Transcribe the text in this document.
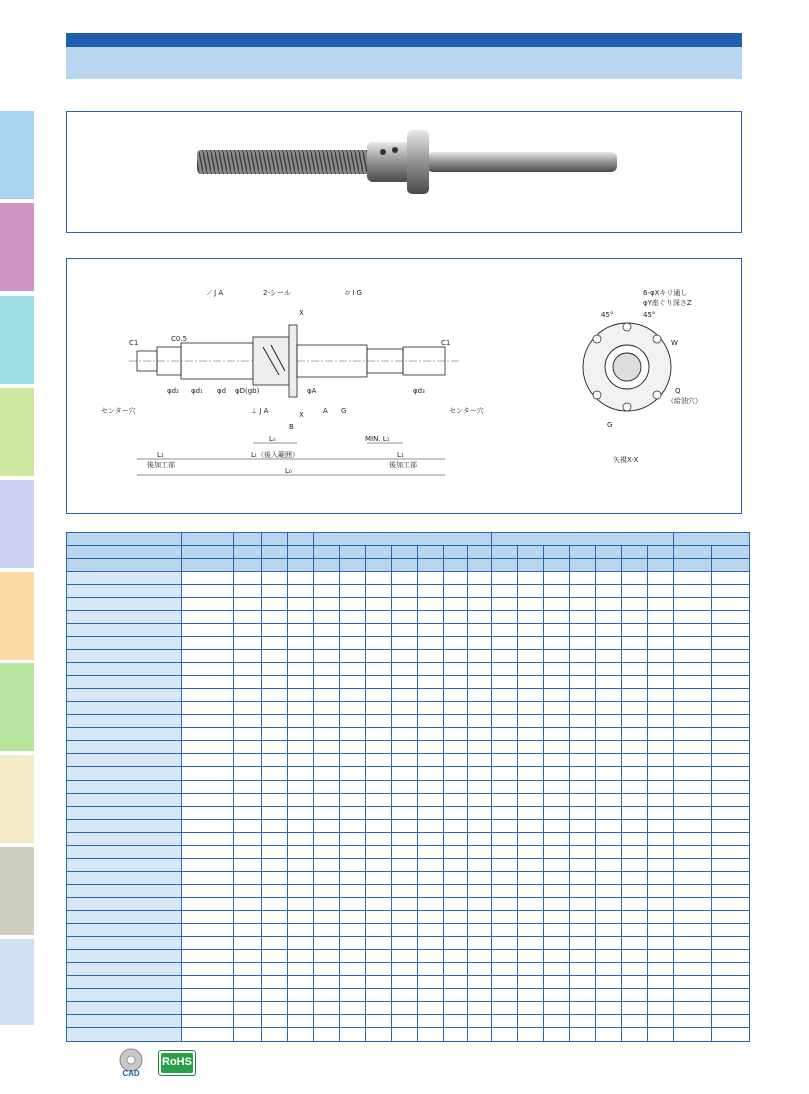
C1	C0.5
2-シール
C1
センター穴	センター穴
⟋ J A
⊥ J A
⌭ I G
A G
X
X
L₁	Lₜ（後入範囲）	L₁
L₀
Lₙ	MIN. L₁
後加工部	後加工部
B
φd₂ φd₁ φd φD(gb)	φA	φd₃
6-φXキリ通し
φY座ぐり深さZ
45°	45°
W
Q
（給油穴）
G
矢視X-X

CAD
RoHS
